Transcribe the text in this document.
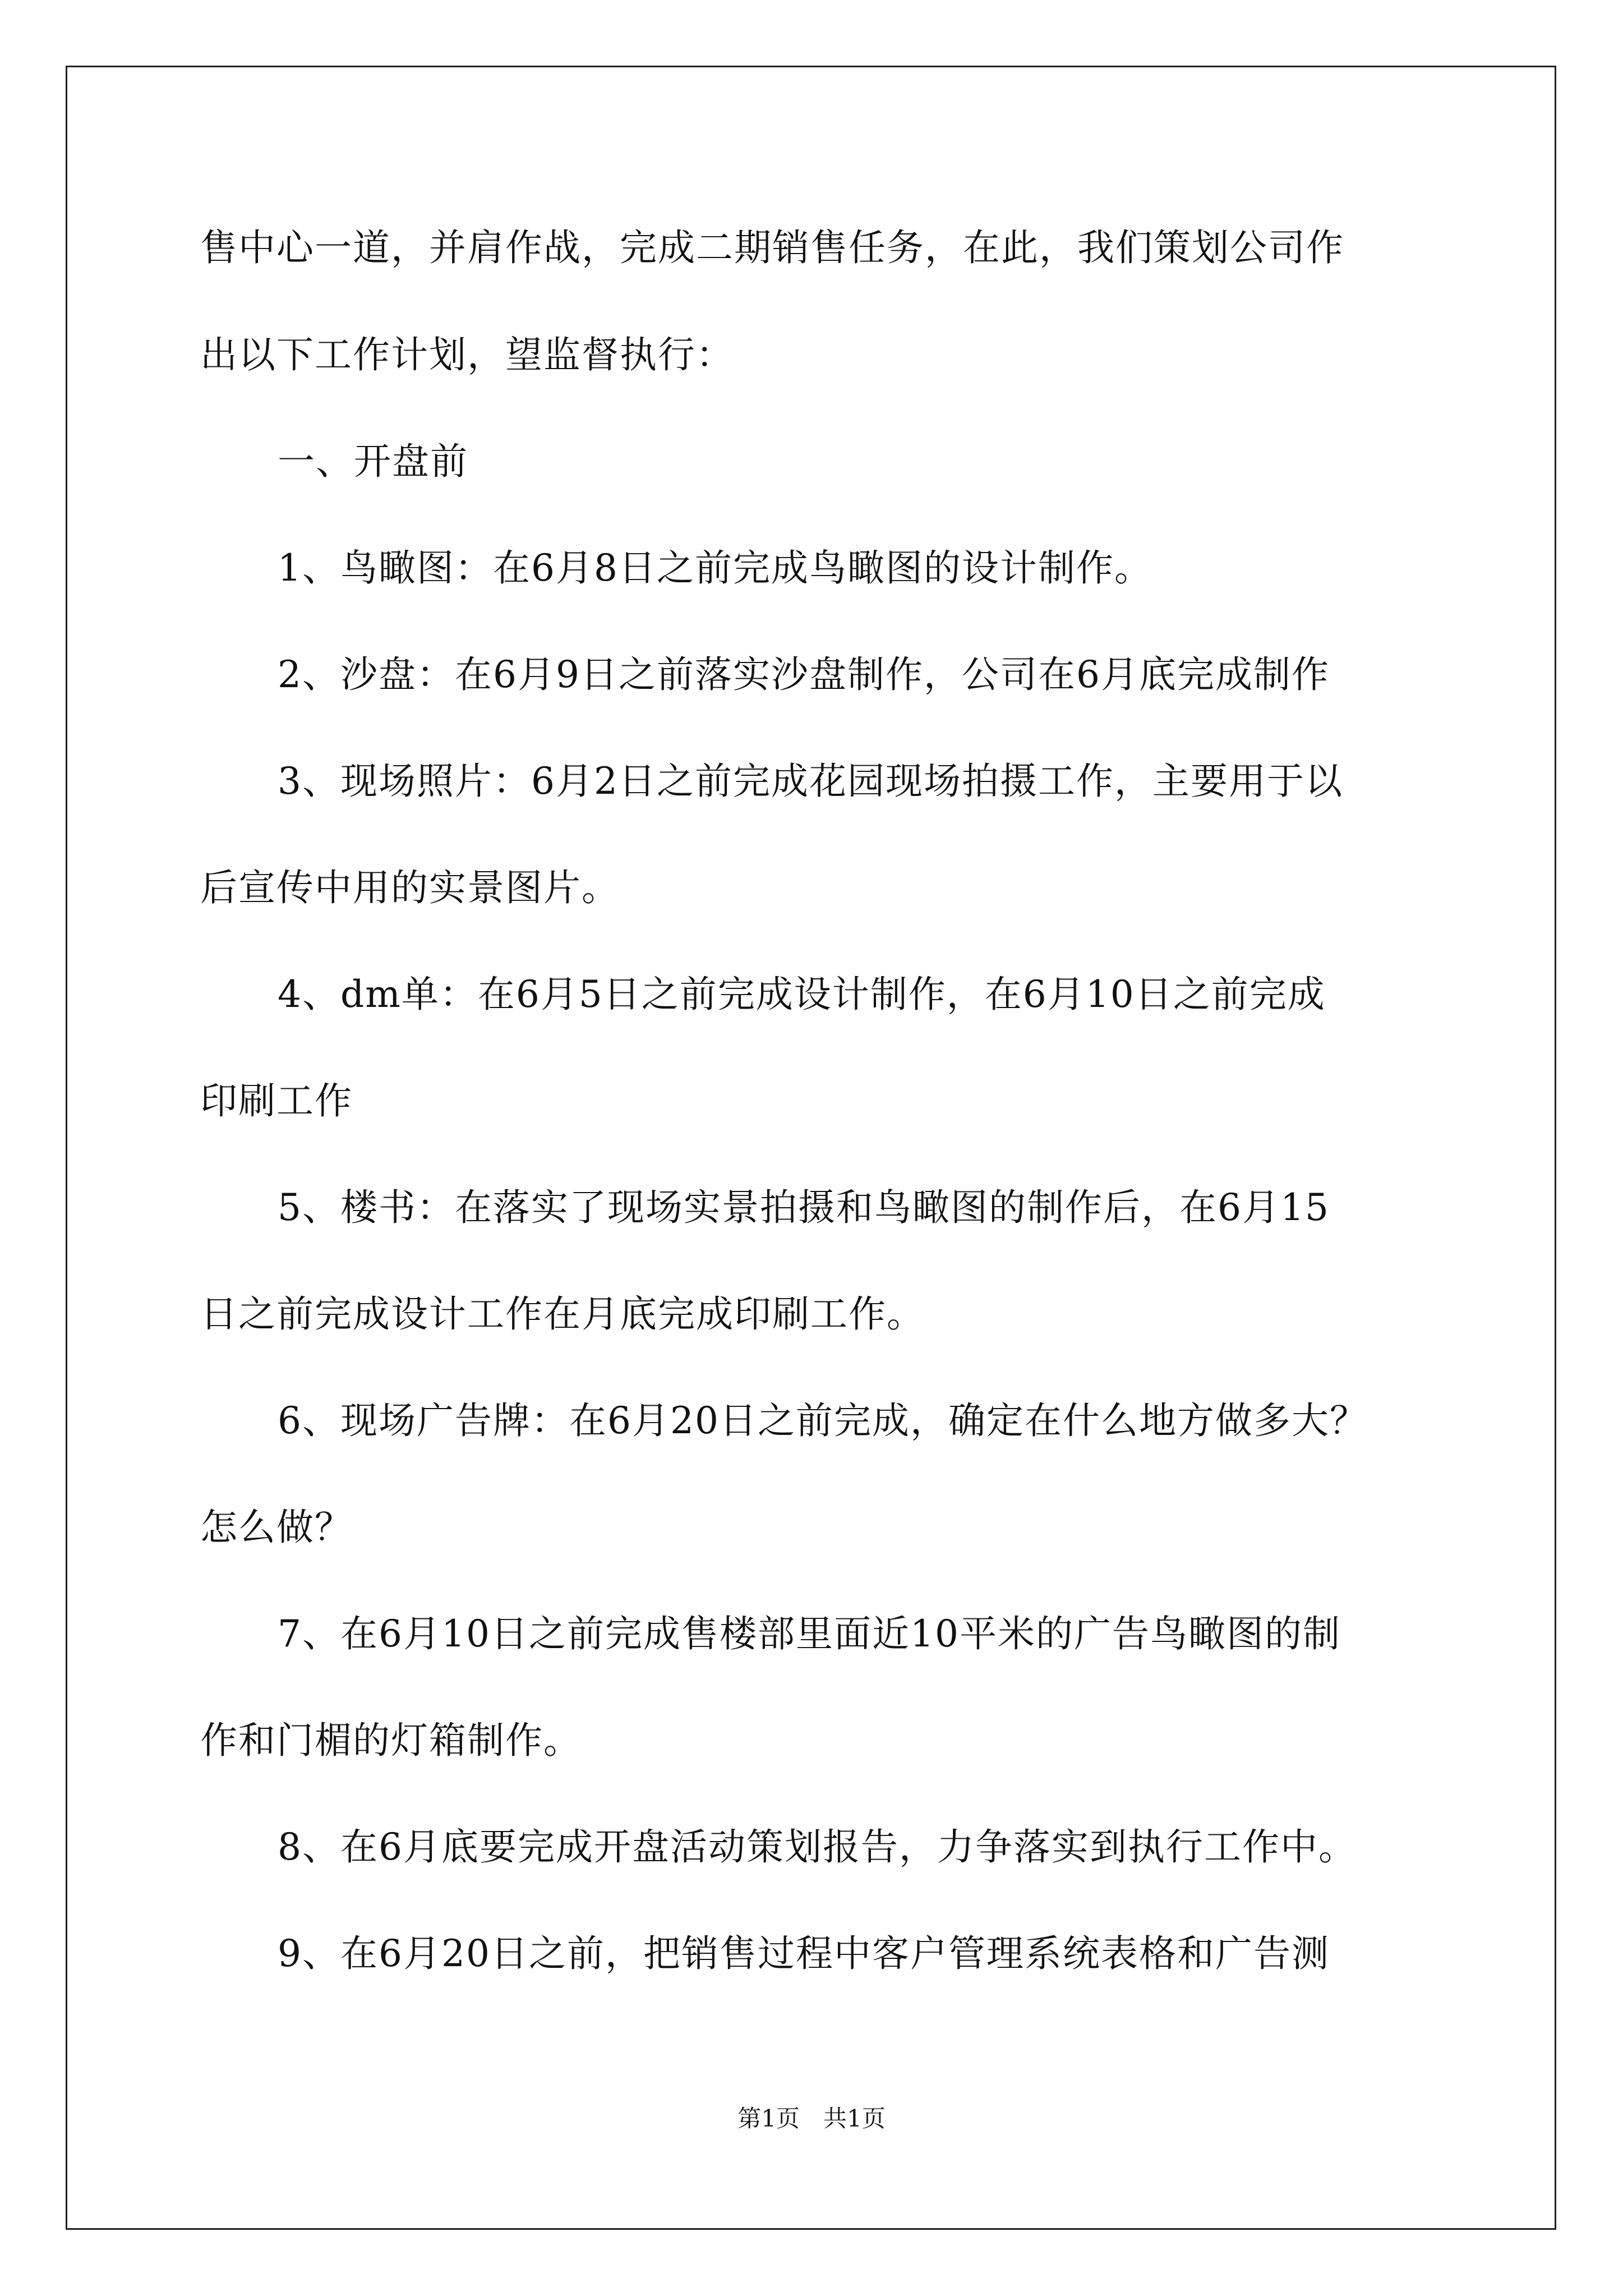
售中心一道，并肩作战，完成二期销售任务，在此，我们策划公司作
出以下工作计划，望监督执行：
一、开盘前
1、鸟瞰图：在6月8日之前完成鸟瞰图的设计制作。
2、沙盘：在6月9日之前落实沙盘制作，公司在6月底完成制作
3、现场照片：6月2日之前完成花园现场拍摄工作，主要用于以
后宣传中用的实景图片。
4、dm单：在6月5日之前完成设计制作，在6月10日之前完成
印刷工作
5、楼书：在落实了现场实景拍摄和鸟瞰图的制作后，在6月15
日之前完成设计工作在月底完成印刷工作。
6、现场广告牌：在6月20日之前完成，确定在什么地方做多大？
怎么做？
7、在6月10日之前完成售楼部里面近10平米的广告鸟瞰图的制
作和门楣的灯箱制作。
8、在6月底要完成开盘活动策划报告，力争落实到执行工作中。
9、在6月20日之前，把销售过程中客户管理系统表格和广告测
第1页　共1页
